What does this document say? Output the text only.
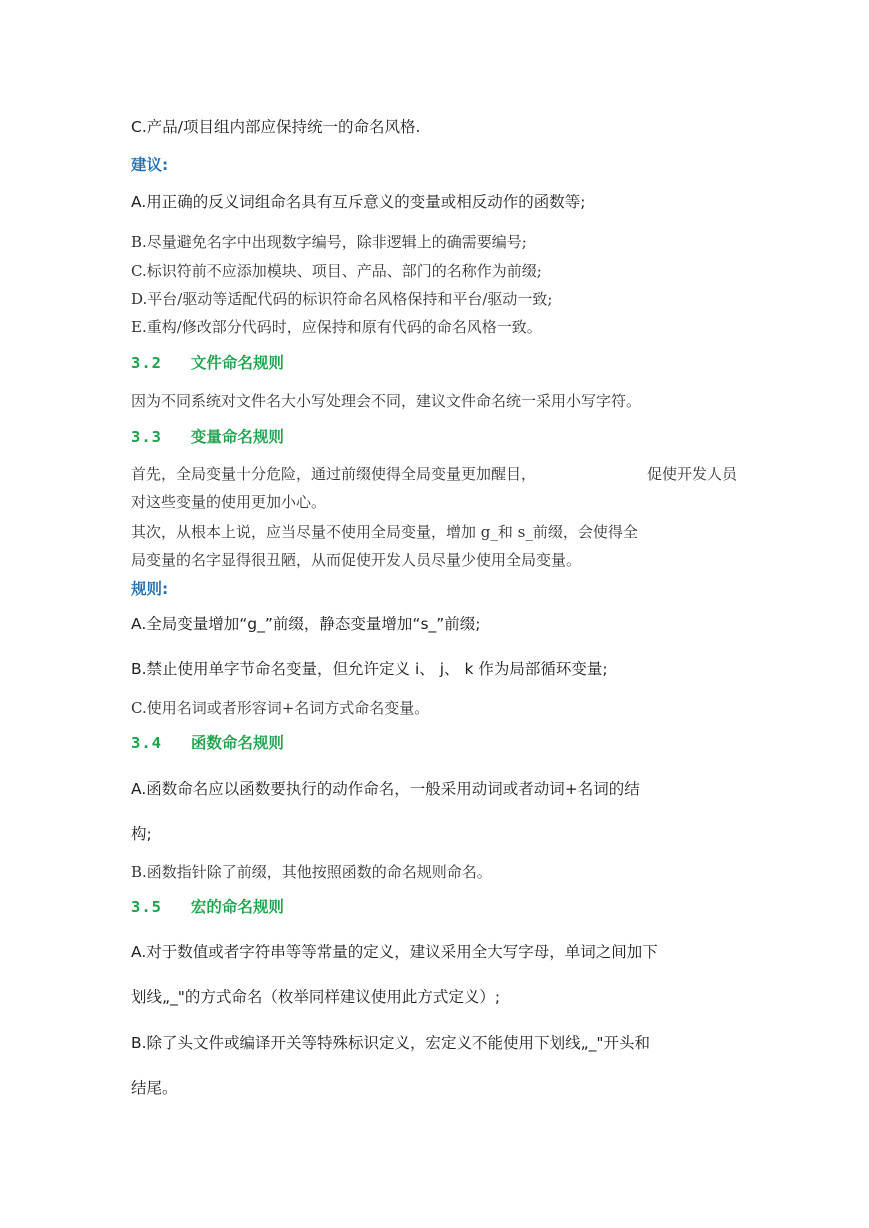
C.产品/项目组内部应保持统一的命名风格.
建议:
A.用正确的反义词组命名具有互斥意义的变量或相反动作的函数等;
B.尽量避免名字中出现数字编号，除非逻辑上的确需要编号;
C.标识符前不应添加模块、项目、产品、部门的名称作为前缀;
D.平台/驱动等适配代码的标识符命名风格保持和平台/驱动一致;
E.重构/修改部分代码时，应保持和原有代码的命名风格一致。
3.2 文件命名规则
因为不同系统对文件名大小写处理会不同，建议文件命名统一采用小写字符。
3.3 变量命名规则
首先，全局变量十分危险，通过前缀使得全局变量更加醒目，	促使开发人员
对这些变量的使用更加小心。
其次，从根本上说，应当尽量不使用全局变量，增加 g_和 s_前缀，会使得全
局变量的名字显得很丑陋，从而促使开发人员尽量少使用全局变量。
规则:
A.全局变量增加“g_”前缀，静态变量增加“s_”前缀;
B.禁止使用单字节命名变量，但允许定义 i、 j、 k 作为局部循环变量;
C.使用名词或者形容词+名词方式命名变量。
3.4 函数命名规则
A.函数命名应以函数要执行的动作命名，一般采用动词或者动词+名词的结
构;
B.函数指针除了前缀，其他按照函数的命名规则命名。
3.5 宏的命名规则
A.对于数值或者字符串等等常量的定义，建议采用全大写字母，单词之间加下
划线„_"的方式命名（枚举同样建议使用此方式定义）;
B.除了头文件或编译开关等特殊标识定义，宏定义不能使用下划线„_"开头和
结尾。
